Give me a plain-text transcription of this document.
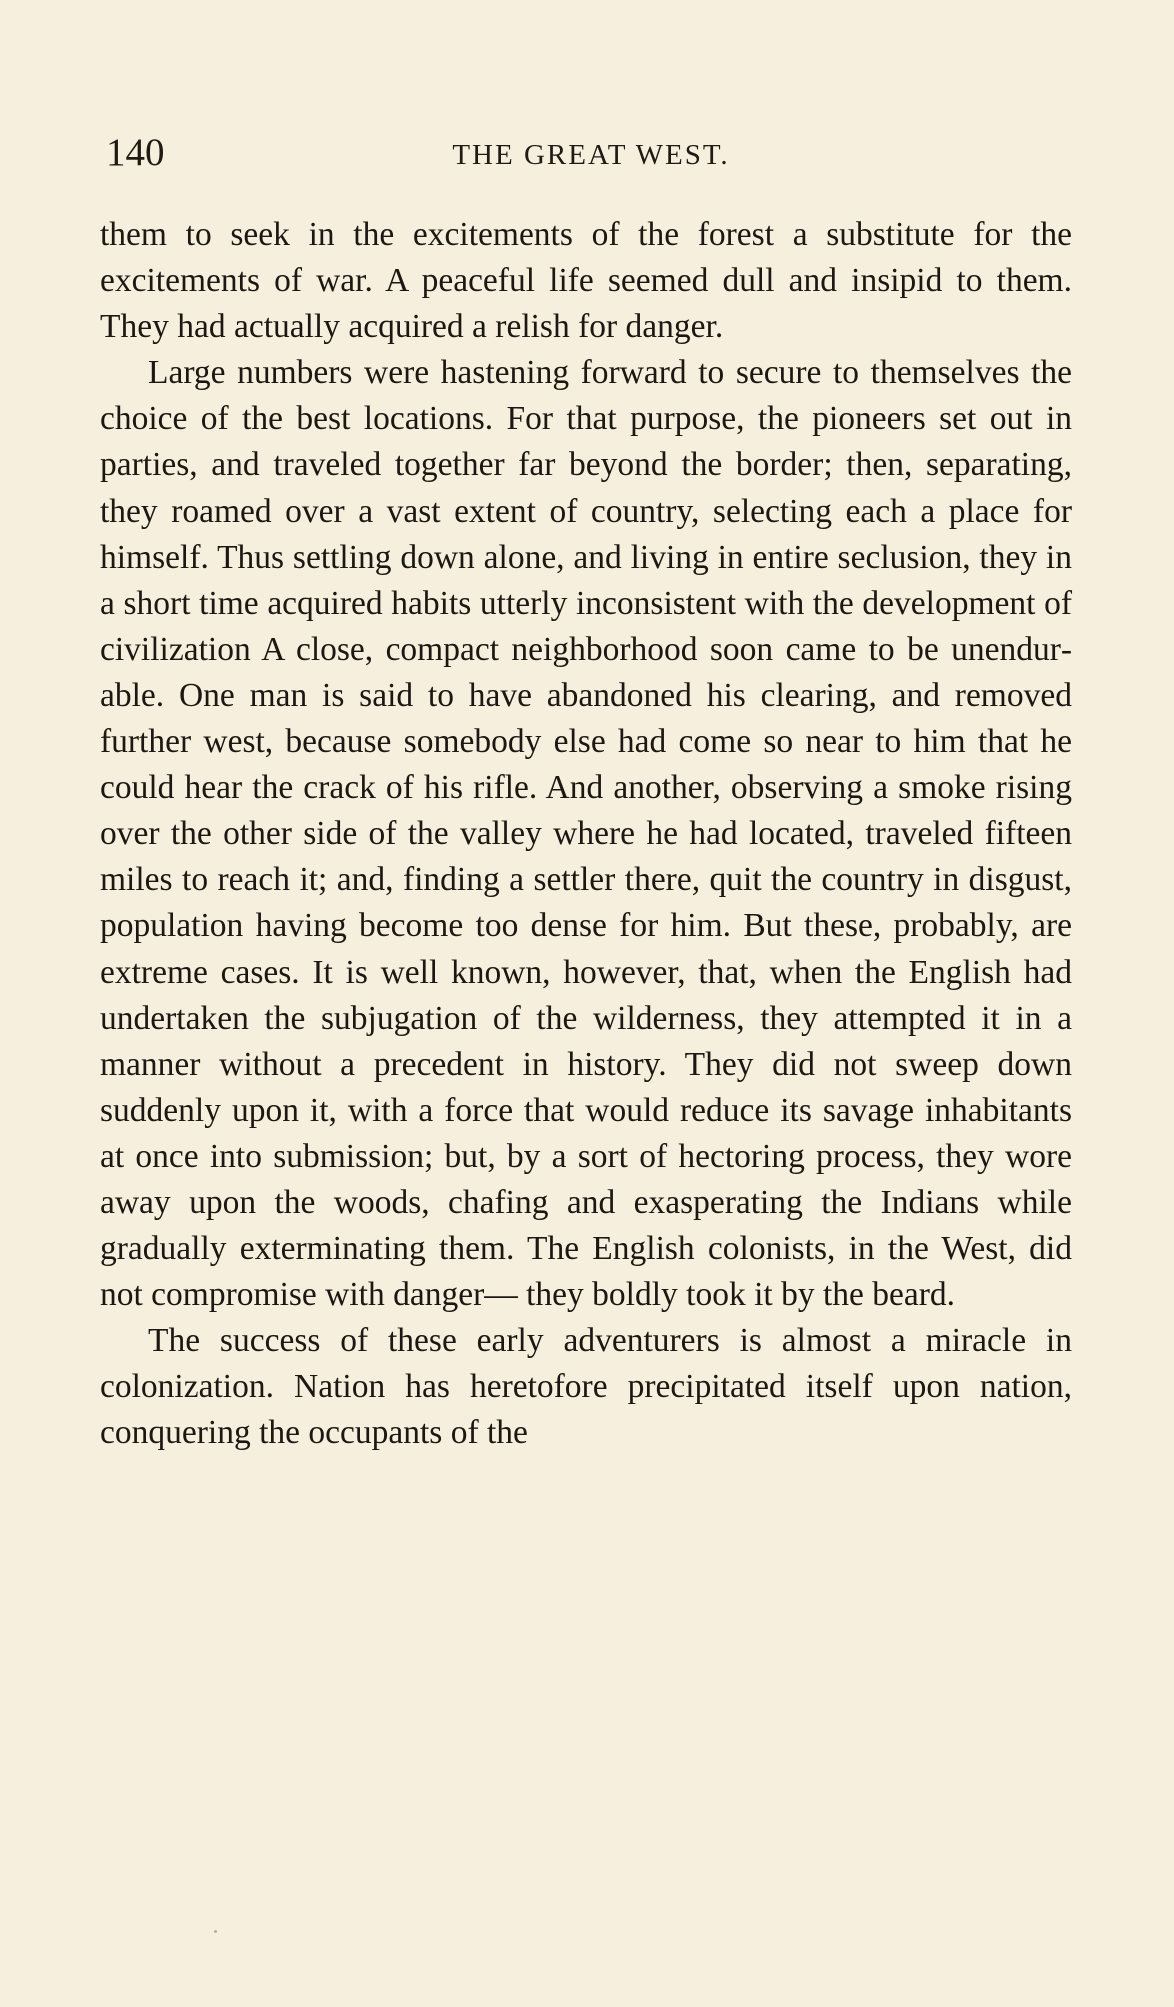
140	THE GREAT WEST.

them to seek in the excitements of the forest a substitute for the excitements of war. A peaceful life seemed dull and insipid to them. They had actually acquired a relish for danger.

Large numbers were hastening forward to secure to themselves the choice of the best locations. For that purpose, the pioneers set out in parties, and traveled together far beyond the border; then, separating, they roamed over a vast extent of country, selecting each a place for himself. Thus settling down alone, and living in entire seclusion, they in a short time acquired habits utterly inconsistent with the development of civilization A close, compact neighborhood soon came to be unendurable. One man is said to have abandoned his clearing, and removed further west, because somebody else had come so near to him that he could hear the crack of his rifle. And another, observing a smoke rising over the other side of the valley where he had located, traveled fifteen miles to reach it; and, finding a settler there, quit the country in disgust, population having become too dense for him. But these, probably, are extreme cases. It is well known, however, that, when the English had undertaken the subjugation of the wilderness, they attempted it in a manner without a precedent in history. They did not sweep down suddenly upon it, with a force that would reduce its savage inhabitants at once into submission; but, by a sort of hectoring process, they wore away upon the woods, chafing and exasperating the Indians while gradually exterminating them. The English colonists, in the West, did not compromise with danger— they boldly took it by the beard.

The success of these early adventurers is almost a miracle in colonization. Nation has heretofore precipitated itself upon nation, conquering the occupants of the
